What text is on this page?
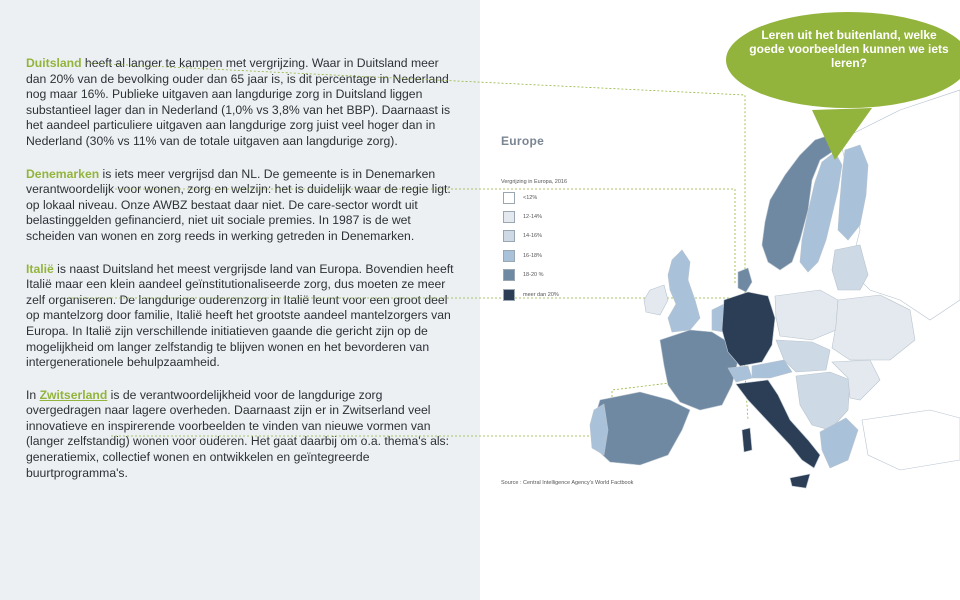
Duitsland heeft al langer te kampen met vergrijzing. Waar in Duitsland meer dan 20% van de bevolking ouder dan 65 jaar is, is dit percentage in Nederland nog maar 16%. Publieke uitgaven aan langdurige zorg in Duitsland liggen substantieel lager dan in Nederland (1,0% vs 3,8% van het BBP). Daarnaast is het aandeel particuliere uitgaven aan langdurige zorg juist veel hoger dan in Nederland (30% vs 11% van de totale uitgaven aan langdurige zorg).

Denemarken is iets meer vergrijsd dan NL. De gemeente is in Denemarken verantwoordelijk voor wonen, zorg en welzijn: het is duidelijk waar de regie ligt: op lokaal niveau. Onze AWBZ bestaat daar niet. De care-sector wordt uit belastinggelden gefinancierd, niet uit sociale premies. In 1987 is de wet scheiden van wonen en zorg reeds in werking getreden in Denemarken.

Italië is naast Duitsland het meest vergrijsde land van Europa. Bovendien heeft Italië maar een klein aandeel geïnstitutionaliseerde zorg, dus moeten ze meer zelf organiseren. De langdurige ouderenzorg in Italië leunt voor een groot deel op mantelzorg door familie, Italië heeft het grootste aandeel mantelzorgers van Europa. In Italië zijn verschillende initiatieven gaande die gericht zijn op de mogelijkheid om langer zelfstandig te blijven wonen en het bevorderen van intergenerationele behulpzaamheid.

In Zwitserland is de verantwoordelijkheid voor de langdurige zorg overgedragen naar lagere overheden. Daarnaast zijn er in Zwitserland veel innovatieve en inspirerende voorbeelden te vinden van nieuwe vormen van (langer zelfstandig) wonen voor ouderen. Het gaat daarbij om o.a. thema's als: generatiemix, collectief wonen en ontwikkelen en geïntegreerde buurtprogramma's.

Leren uit het buitenland, welke goede voorbeelden kunnen we iets leren?
Europe
Vergrijzing in Europa, 2016
<12%
12-14%
14-16%
16-18%
18-20 %
meer dan 20%
Source : Central Intelligence Agency's World Factbook
